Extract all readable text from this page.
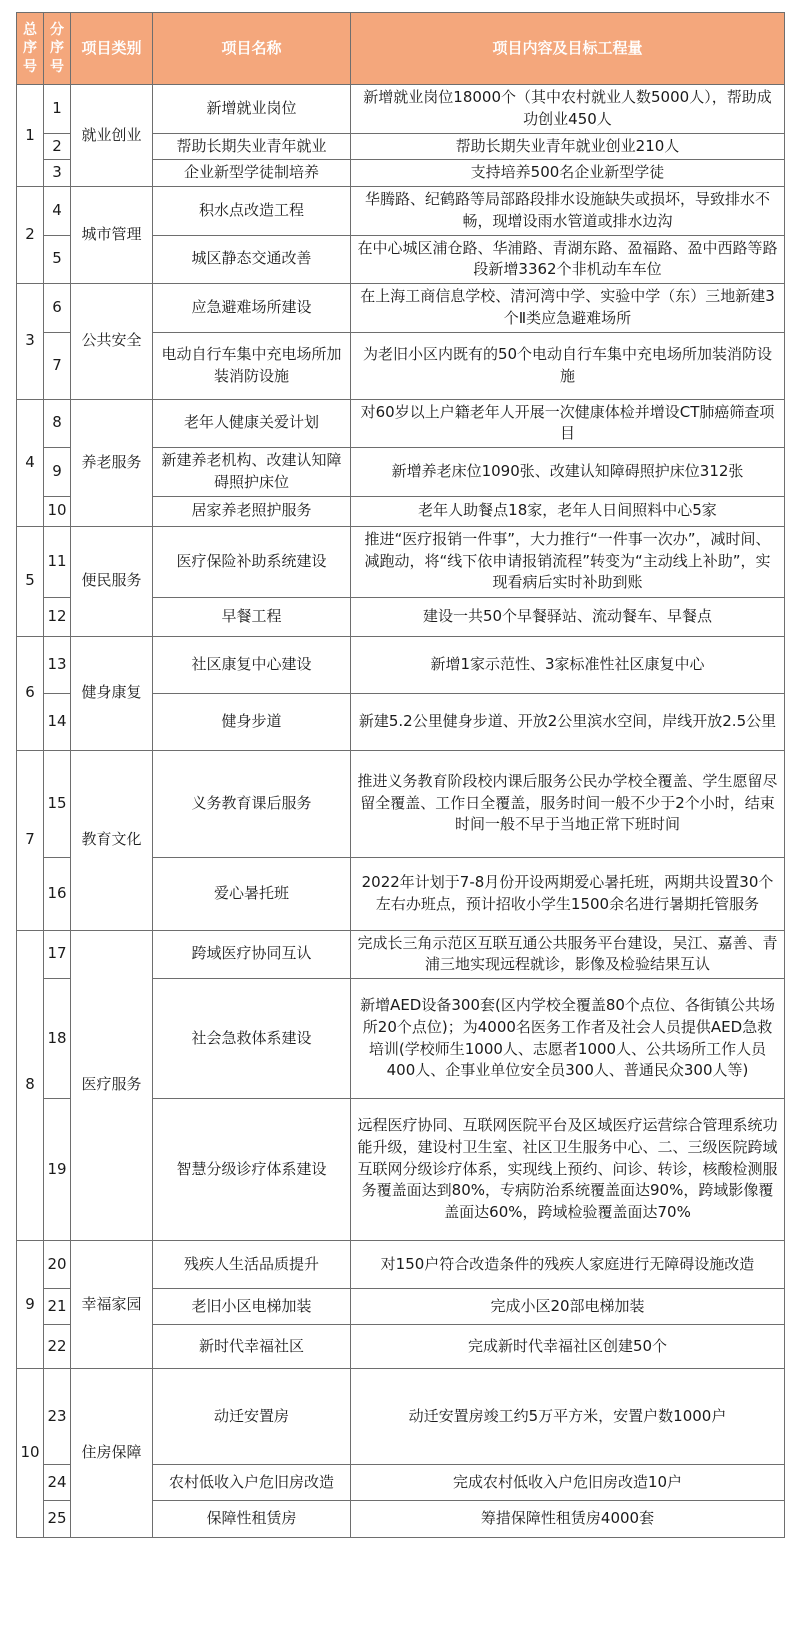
总序号	分序号	项目类别	项目名称	项目内容及目标工程量
1	1	就业创业	新增就业岗位	新增就业岗位18000个（其中农村就业人数5000人），帮助成功创业450人
	2		帮助长期失业青年就业	帮助长期失业青年就业创业210人
	3		企业新型学徒制培养	支持培养500名企业新型学徒
2	4	城市管理	积水点改造工程	华腾路、纪鹤路等局部路段排水设施缺失或损坏，导致排水不畅，现增设雨水管道或排水边沟
	5		城区静态交通改善	在中心城区浦仓路、华浦路、青湖东路、盈福路、盈中西路等路段新增3362个非机动车车位
3	6	公共安全	应急避难场所建设	在上海工商信息学校、清河湾中学、实验中学（东）三地新建3个Ⅱ类应急避难场所
	7		电动自行车集中充电场所加装消防设施	为老旧小区内既有的50个电动自行车集中充电场所加装消防设施
4	8	养老服务	老年人健康关爱计划	对60岁以上户籍老年人开展一次健康体检并增设CT肺癌筛查项目
	9		新建养老机构、改建认知障碍照护床位	新增养老床位1090张、改建认知障碍照护床位312张
	10		居家养老照护服务	老年人助餐点18家，老年人日间照料中心5家
5	11	便民服务	医疗保险补助系统建设	推进“医疗报销一件事”，大力推行“一件事一次办”，减时间、减跑动，将“线下依申请报销流程”转变为“主动线上补助”，实现看病后实时补助到账
	12		早餐工程	建设一共50个早餐驿站、流动餐车、早餐点
6	13	健身康复	社区康复中心建设	新增1家示范性、3家标准性社区康复中心
	14		健身步道	新建5.2公里健身步道、开放2公里滨水空间，岸线开放2.5公里
7	15	教育文化	义务教育课后服务	推进义务教育阶段校内课后服务公民办学校全覆盖、学生愿留尽留全覆盖、工作日全覆盖，服务时间一般不少于2个小时，结束时间一般不早于当地正常下班时间
	16		爱心暑托班	2022年计划于7-8月份开设两期爱心暑托班，两期共设置30个左右办班点，预计招收小学生1500余名进行暑期托管服务
8	17	医疗服务	跨域医疗协同互认	完成长三角示范区互联互通公共服务平台建设，吴江、嘉善、青浦三地实现远程就诊，影像及检验结果互认
	18		社会急救体系建设	新增AED设备300套(区内学校全覆盖80个点位、各街镇公共场所20个点位)；为4000名医务工作者及社会人员提供AED急救培训(学校师生1000人、志愿者1000人、公共场所工作人员400人、企事业单位安全员300人、普通民众300人等)
	19		智慧分级诊疗体系建设	远程医疗协同、互联网医院平台及区域医疗运营综合管理系统功能升级，建设村卫生室、社区卫生服务中心、二、三级医院跨域互联网分级诊疗体系，实现线上预约、问诊、转诊，核酸检测服务覆盖面达到80%，专病防治系统覆盖面达90%，跨域影像覆盖面达60%，跨域检验覆盖面达70%
9	20	幸福家园	残疾人生活品质提升	对150户符合改造条件的残疾人家庭进行无障碍设施改造
	21		老旧小区电梯加装	完成小区20部电梯加装
	22		新时代幸福社区	完成新时代幸福社区创建50个
10	23	住房保障	动迁安置房	动迁安置房竣工约5万平方米，安置户数1000户
	24		农村低收入户危旧房改造	完成农村低收入户危旧房改造10户
	25		保障性租赁房	筹措保障性租赁房4000套
